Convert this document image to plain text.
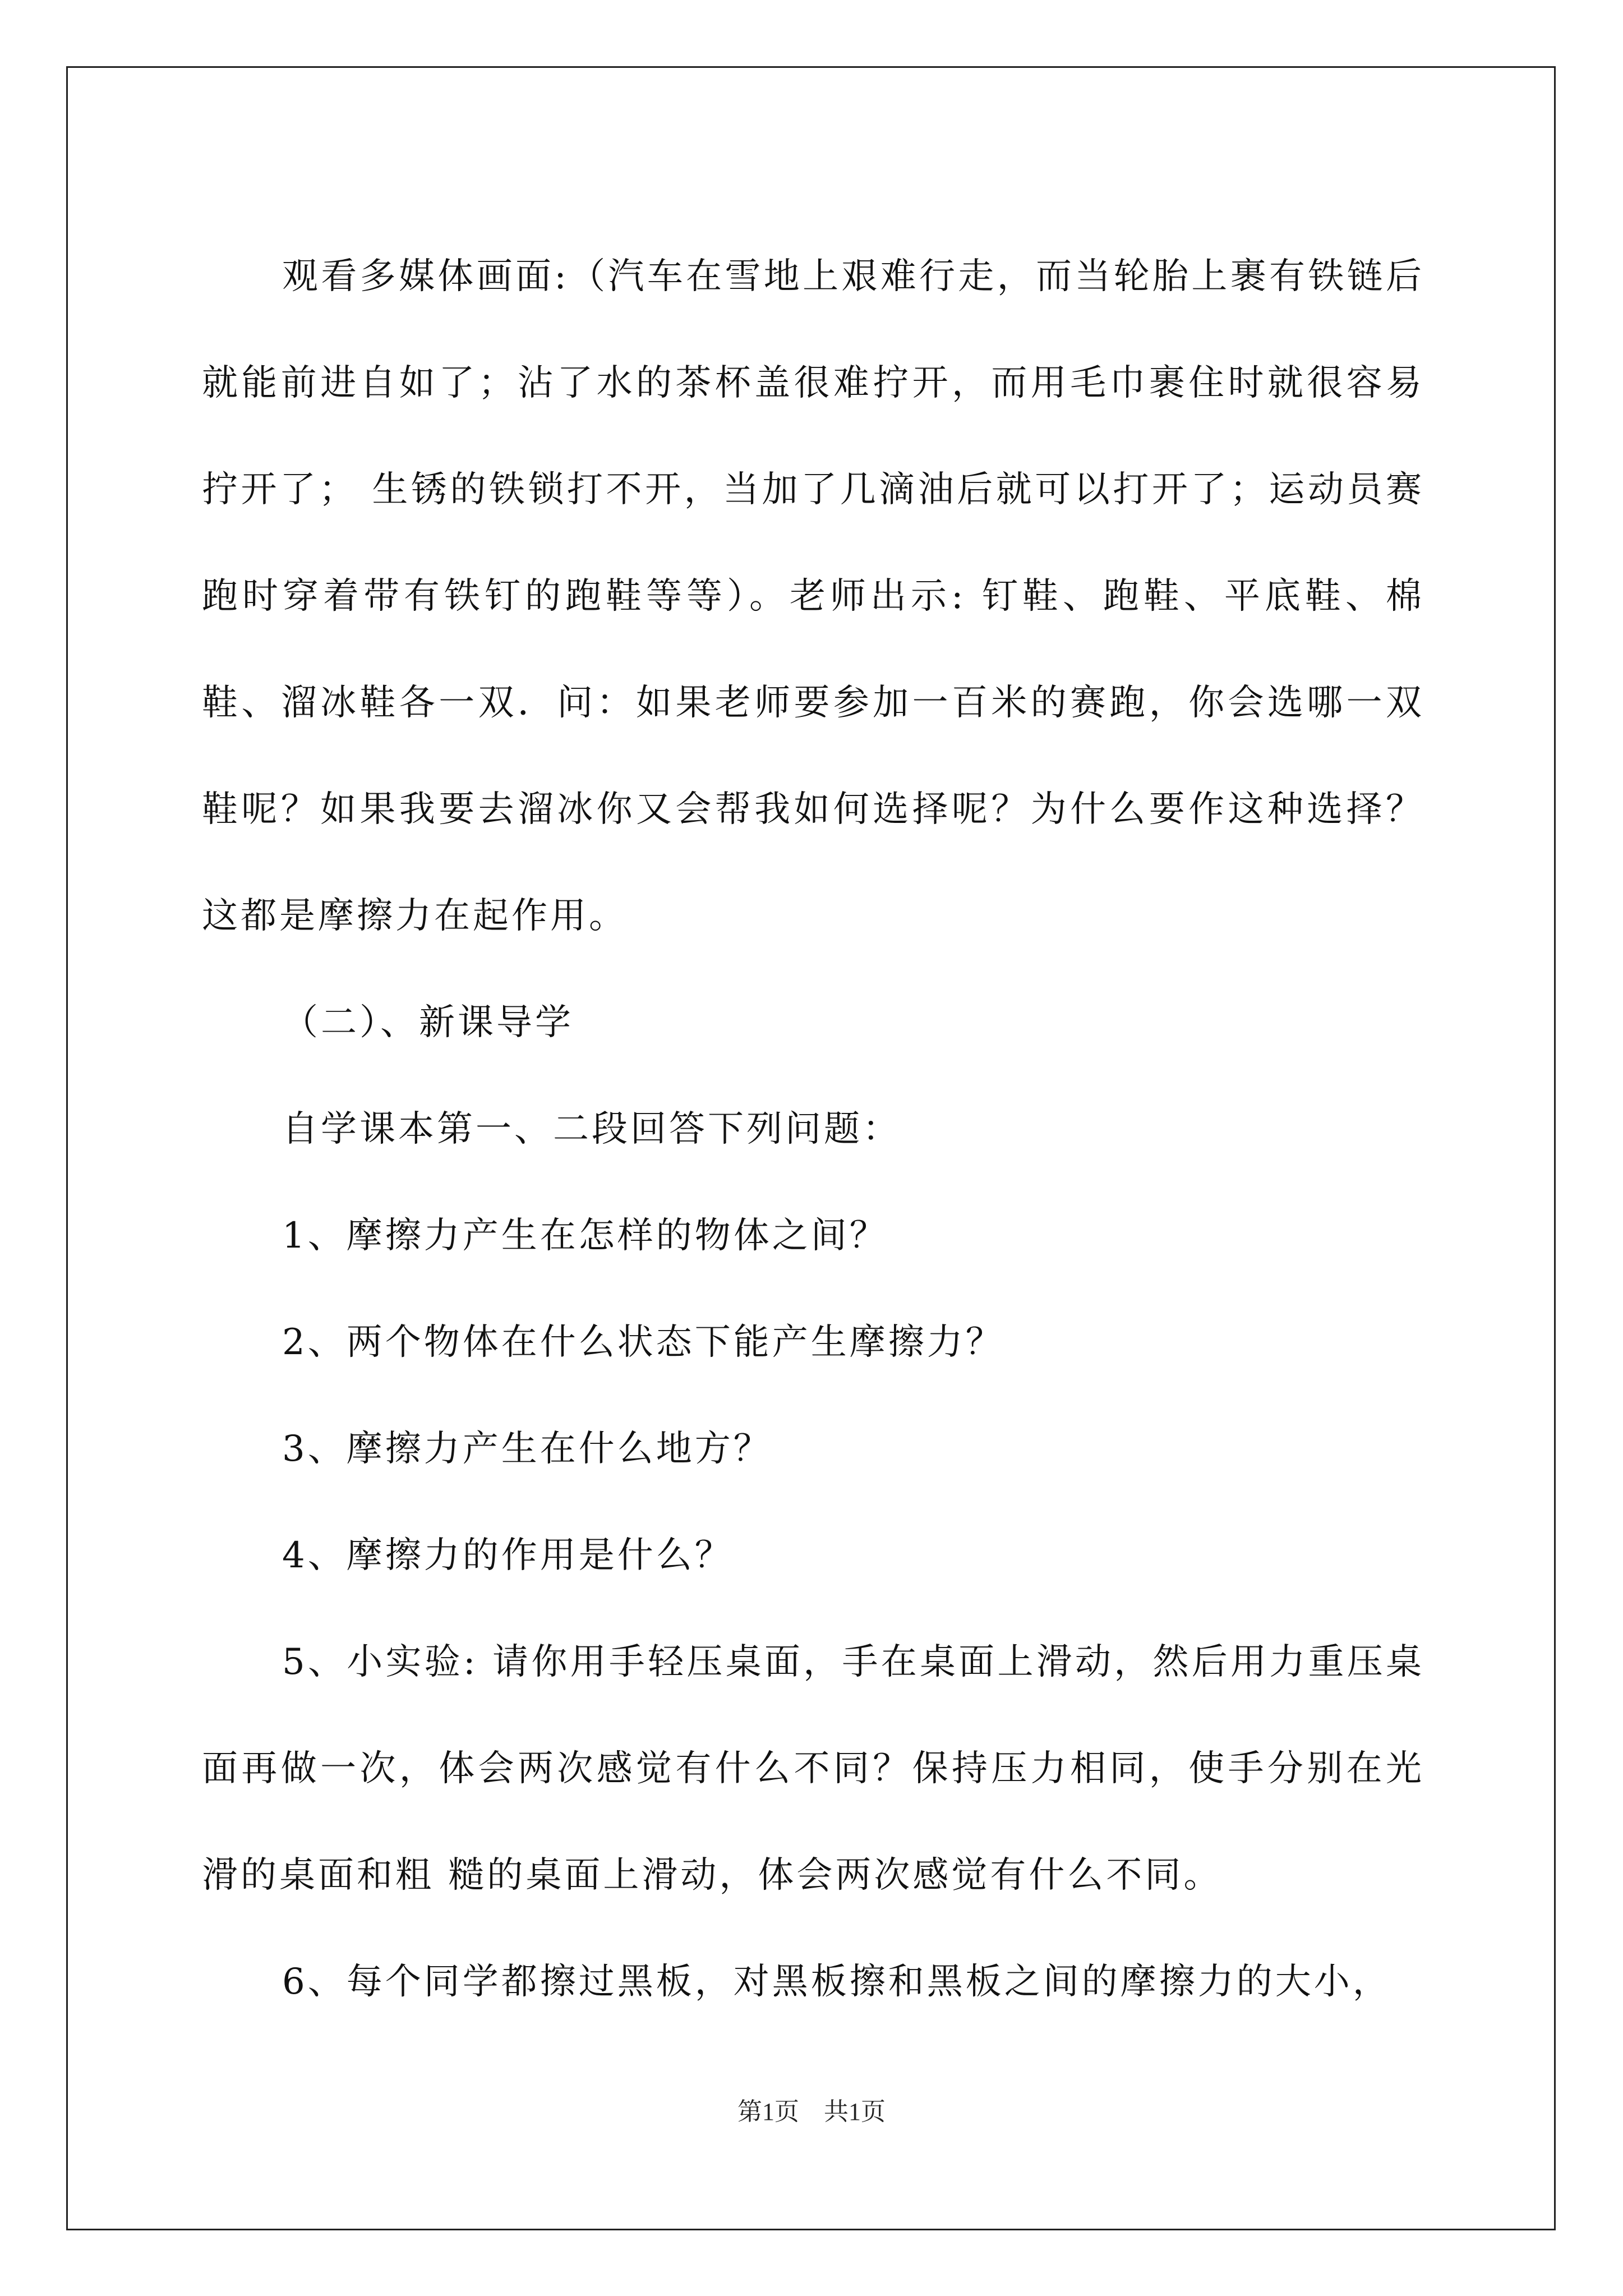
观看多媒体画面:（汽车在雪地上艰难行走，而当轮胎上裹有铁链后就能前进自如了；沾了水的茶杯盖很难拧开，而用毛巾裹住时就很容易拧开了； 生锈的铁锁打不开，当加了几滴油后就可以打开了；运动员赛跑时穿着带有铁钉的跑鞋等等）。老师出示: 钉鞋、跑鞋、平底鞋、棉鞋、溜冰鞋各一双．问：如果老师要参加一百米的赛跑，你会选哪一双鞋呢？如果我要去溜冰你又会帮我如何选择呢？为什么要作这种选择？ 这都是摩擦力在起作用。

（二）、新课导学

自学课本第一、二段回答下列问题：

1、摩擦力产生在怎样的物体之间？

2、两个物体在什么状态下能产生摩擦力？

3、摩擦力产生在什么地方？

4、摩擦力的作用是什么？

5、小实验: 请你用手轻压桌面，手在桌面上滑动，然后用力重压桌面再做一次，体会两次感觉有什么不同？保持压力相同，使手分别在光滑的桌面和粗 糙的桌面上滑动，体会两次感觉有什么不同。

6、每个同学都擦过黑板，对黑板擦和黑板之间的摩擦力的大小，

第1页　共1页
